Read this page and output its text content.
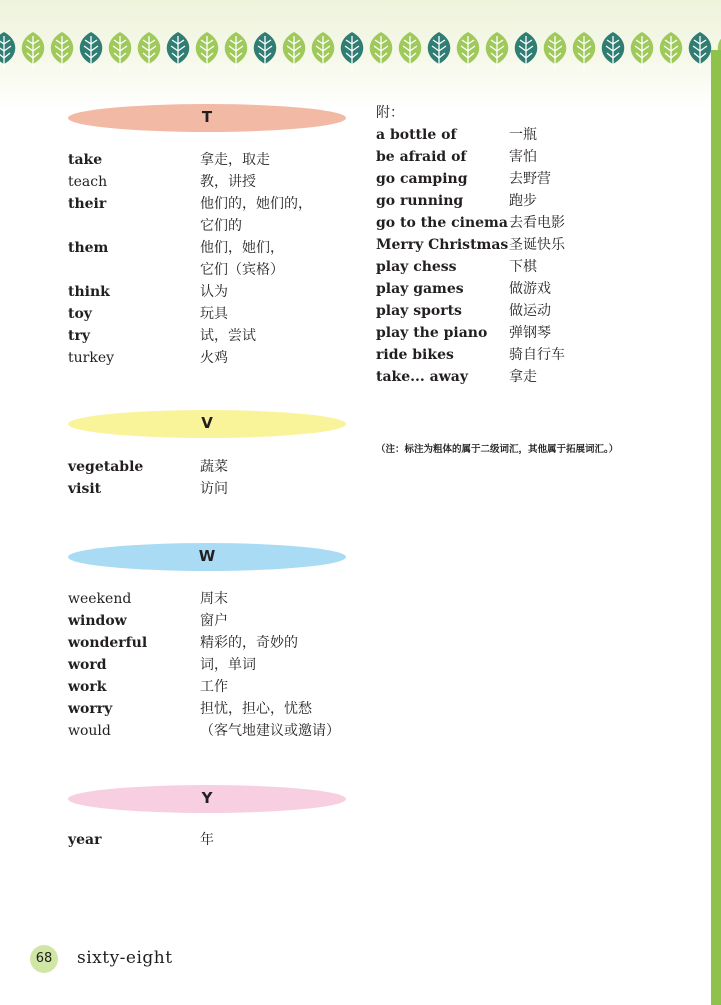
T
take	拿走，取走
teach	教，讲授
their	他们的，她们的，
它们的
them	他们，她们，
它们（宾格）
think	认为
toy	玩具
try	试，尝试
turkey	火鸡
V
vegetable	蔬菜
visit	访问
W
weekend	周末
window	窗户
wonderful	精彩的，奇妙的
word	词，单词
work	工作
worry	担忧，担心，忧愁
would	（客气地建议或邀请）
Y
year	年
附：
a bottle of	一瓶
be afraid of	害怕
go camping	去野营
go running	跑步
go to the cinema 去看电影
Merry Christmas 圣诞快乐
play chess	下棋
play games	做游戏
play sports	做运动
play the piano 弹钢琴
ride bikes	骑自行车
take... away	拿走
（注：标注为粗体的属于二级词汇，其他属于拓展词汇。）
68	sixty-eight
